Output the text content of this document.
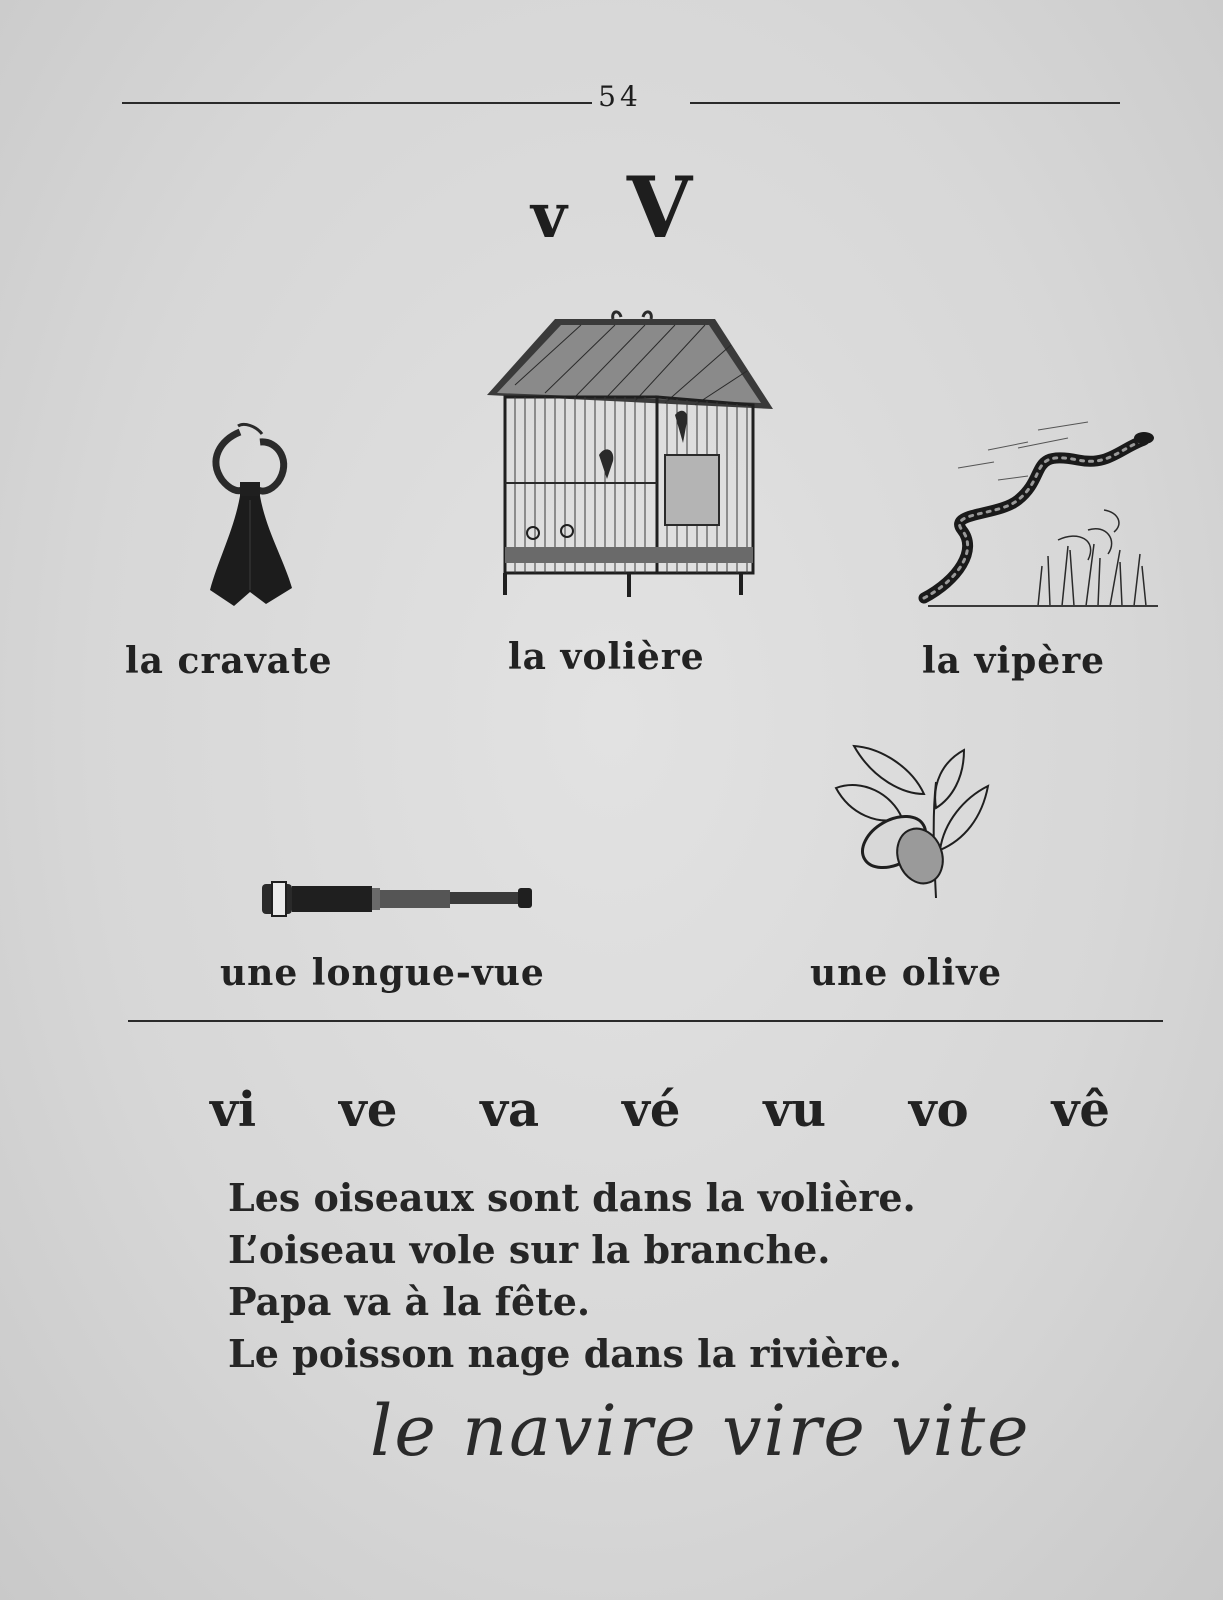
54
v V
la cravate	la volière	la vipère
une longue-vue	une olive
vi ve va vé vu vo vê
Les oiseaux sont dans la volière.
L’oiseau vole sur la branche.
Papa va à la fête.
Le poisson nage dans la rivière.
le navire vire vite
